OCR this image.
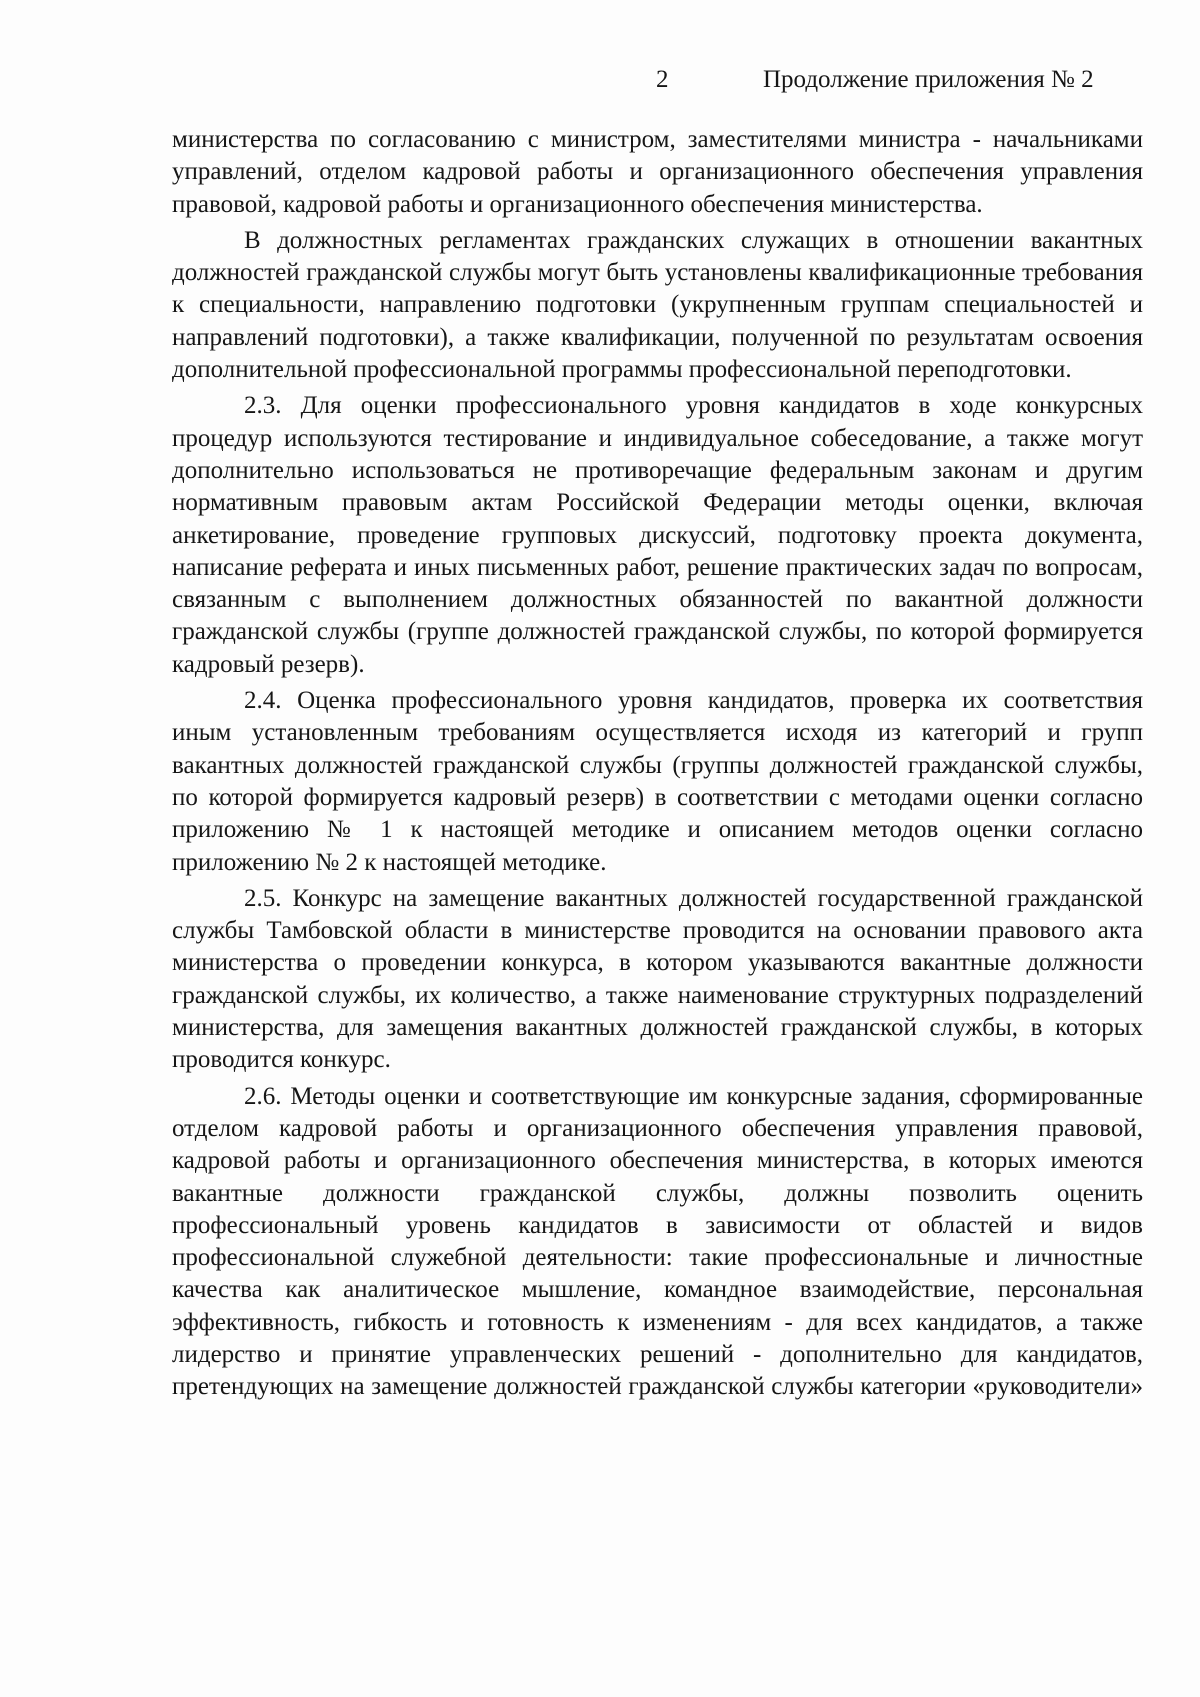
2	Продолжение приложения № 2

министерства по согласованию с министром, заместителями министра - начальниками управлений, отделом кадровой работы и организационного обеспечения управления правовой, кадровой работы и организационного обеспечения министерства.

В должностных регламентах гражданских служащих в отношении вакантных должностей гражданской службы могут быть установлены квалификационные требования к специальности, направлению подготовки (укрупненным группам специальностей и направлений подготовки), а также квалификации, полученной по результатам освоения дополнительной профессиональной программы профессиональной переподготовки.

2.3. Для оценки профессионального уровня кандидатов в ходе конкурсных процедур используются тестирование и индивидуальное собеседование, а также могут дополнительно использоваться не противоречащие федеральным законам и другим нормативным правовым актам Российской Федерации методы оценки, включая анкетирование, проведение групповых дискуссий, подготовку проекта документа, написание реферата и иных письменных работ, решение практических задач по вопросам, связанным с выполнением должностных обязанностей по вакантной должности гражданской службы (группе должностей гражданской службы, по которой формируется кадровый резерв).

2.4. Оценка профессионального уровня кандидатов, проверка их соответствия иным установленным требованиям осуществляется исходя из категорий и групп вакантных должностей гражданской службы (группы должностей гражданской службы, по которой формируется кадровый резерв) в соответствии с методами оценки согласно приложению № 1 к настоящей методике и описанием методов оценки согласно приложению № 2 к настоящей методике.

2.5. Конкурс на замещение вакантных должностей государственной гражданской службы Тамбовской области в министерстве проводится на основании правового акта министерства о проведении конкурса, в котором указываются вакантные должности гражданской службы, их количество, а также наименование структурных подразделений министерства, для замещения вакантных должностей гражданской службы, в которых проводится конкурс.

2.6. Методы оценки и соответствующие им конкурсные задания, сформированные отделом кадровой работы и организационного обеспечения управления правовой, кадровой работы и организационного обеспечения министерства, в которых имеются вакантные должности гражданской службы, должны позволить оценить профессиональный уровень кандидатов в зависимости от областей и видов профессиональной служебной деятельности: такие профессиональные и личностные качества как аналитическое мышление, командное взаимодействие, персональная эффективность, гибкость и готовность к изменениям - для всех кандидатов, а также лидерство и принятие управленческих решений - дополнительно для кандидатов, претендующих на замещение должностей гражданской службы категории «руководители»
